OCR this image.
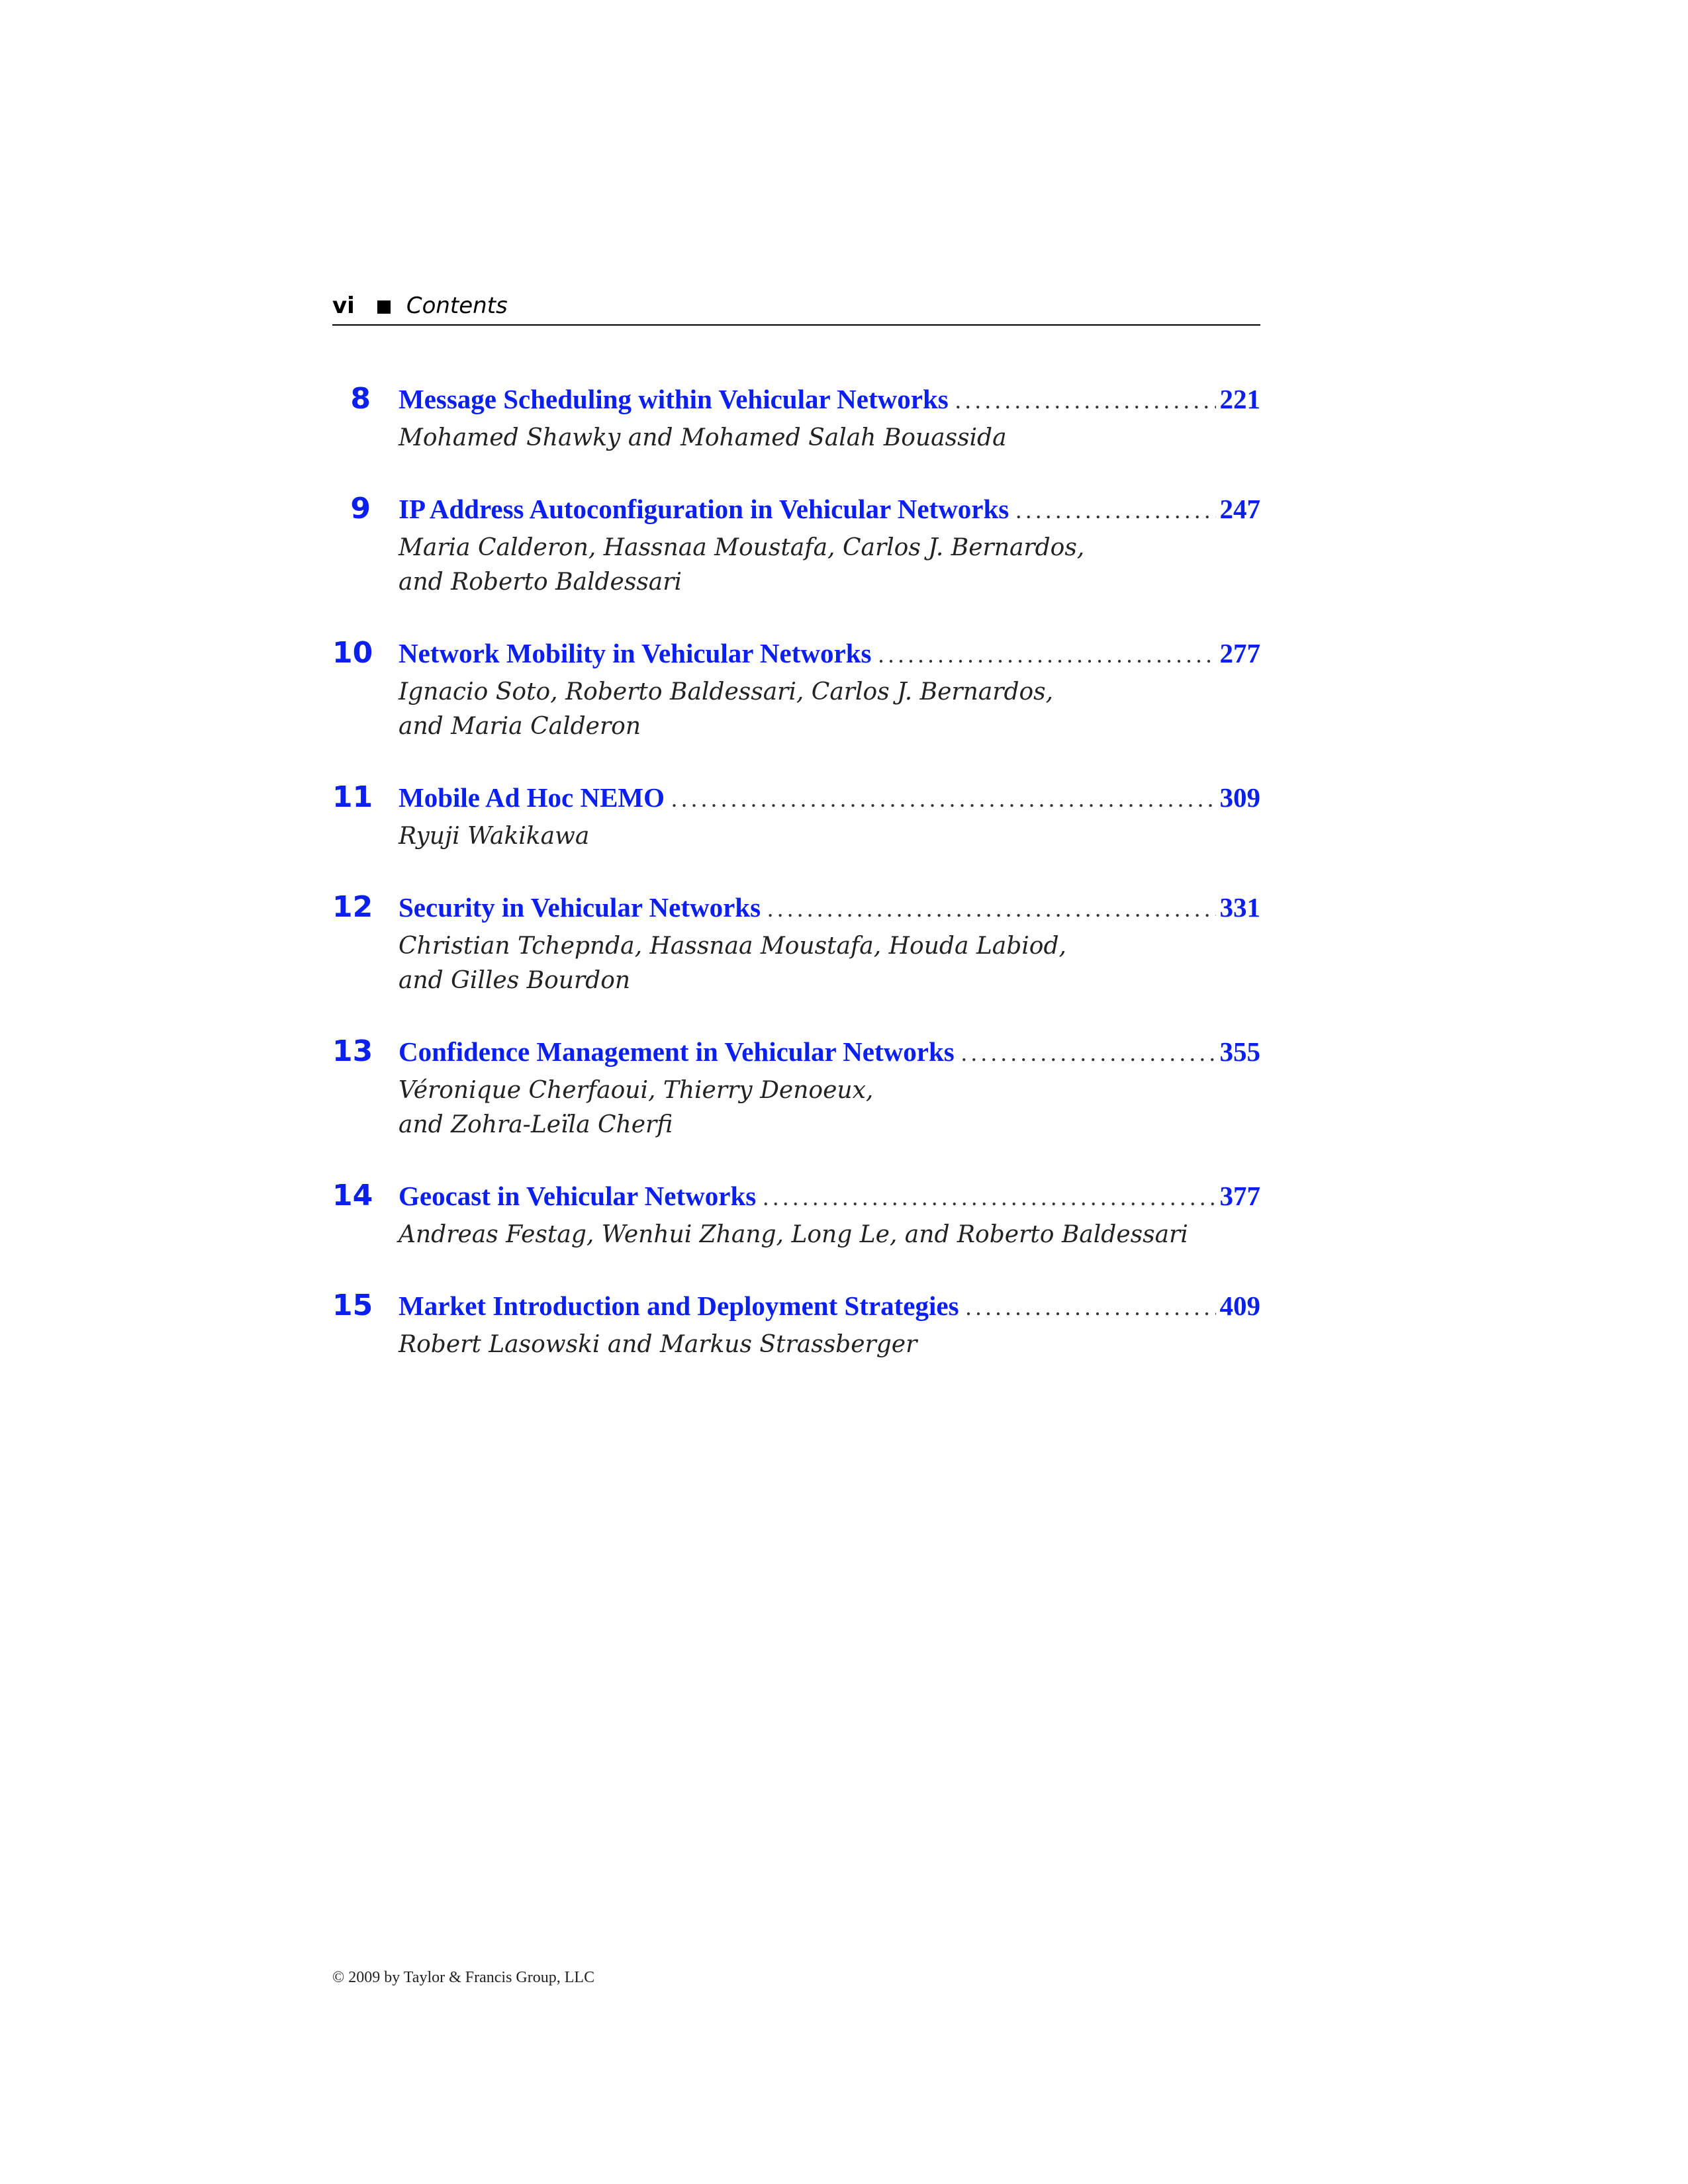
vi Contents
8 Message Scheduling within Vehicular Networks .....	221
Mohamed Shawky and Mohamed Salah Bouassida
9 IP Address Autoconfiguration in Vehicular Networks .....	247
Maria Calderon, Hassnaa Moustafa, Carlos J. Bernardos,
and Roberto Baldessari
10 Network Mobility in Vehicular Networks .....	277
Ignacio Soto, Roberto Baldessari, Carlos J. Bernardos,
and Maria Calderon
11 Mobile Ad Hoc NEMO .....	309
Ryuji Wakikawa
12 Security in Vehicular Networks .....	331
Christian Tchepnda, Hassnaa Moustafa, Houda Labiod,
and Gilles Bourdon
13 Confidence Management in Vehicular Networks .....	355
Véronique Cherfaoui, Thierry Denoeux,
and Zohra-Leïla Cherfi
14 Geocast in Vehicular Networks .....	377
Andreas Festag, Wenhui Zhang, Long Le, and Roberto Baldessari
15 Market Introduction and Deployment Strategies .....	409
Robert Lasowski and Markus Strassberger
© 2009 by Taylor & Francis Group, LLC
